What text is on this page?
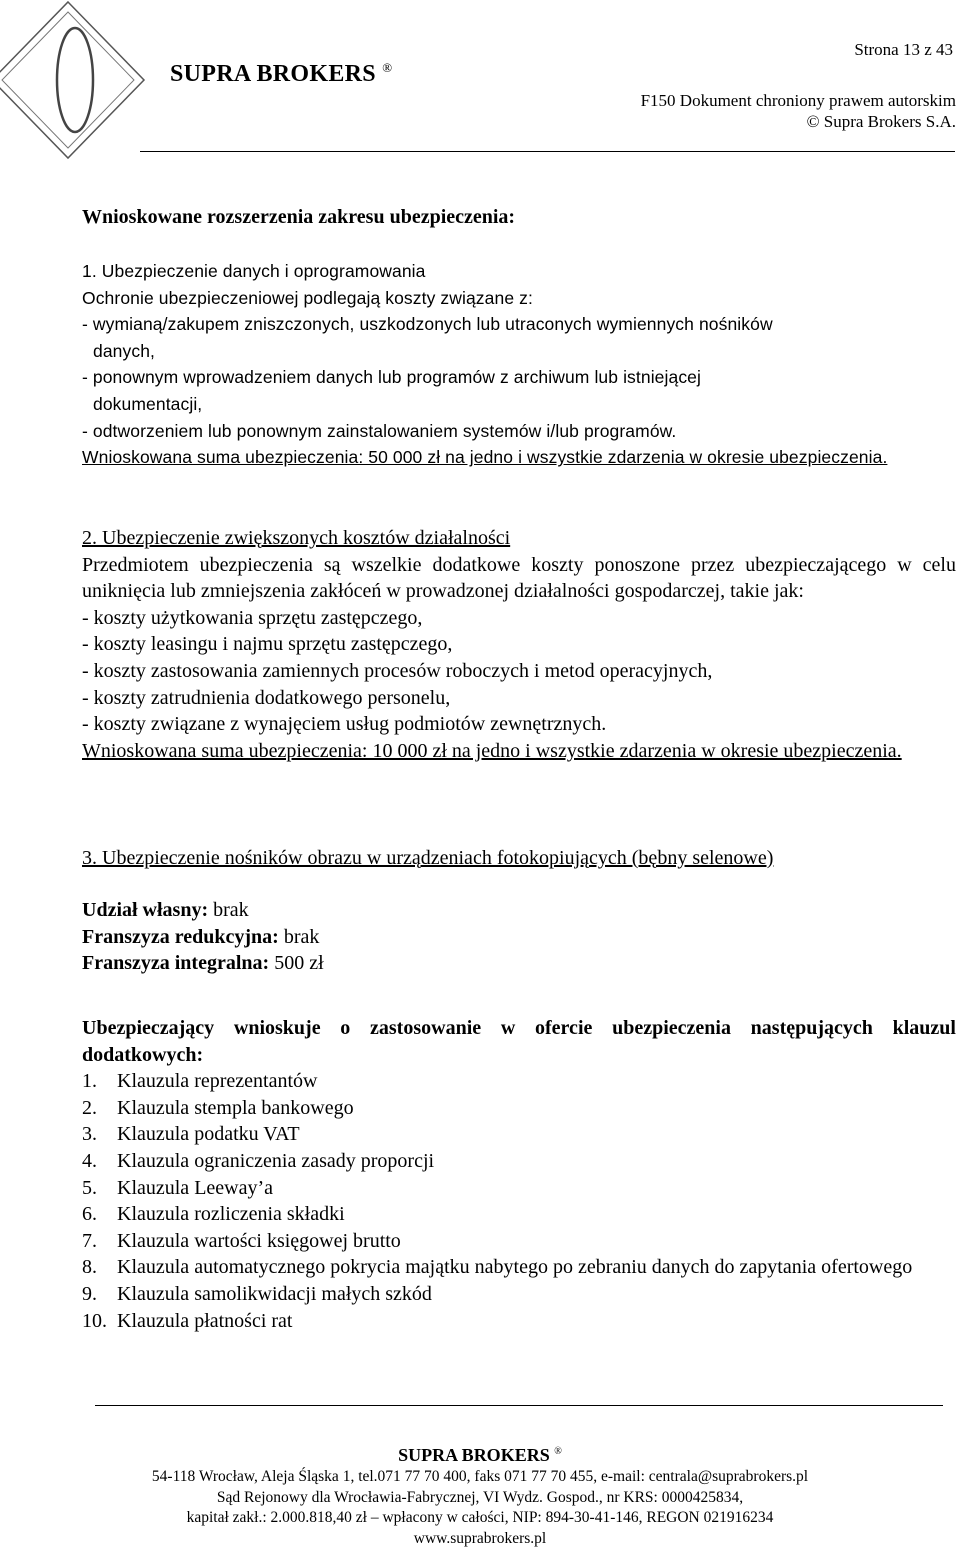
SUPRA BROKERS ®
Strona 13 z 43
F150 Dokument chroniony prawem autorskim
© Supra Brokers S.A.
Wnioskowane rozszerzenia zakresu ubezpieczenia:

1. Ubezpieczenie danych i oprogramowania

Ochronie ubezpieczeniowej podlegają koszty związane z:

- wymianą/zakupem zniszczonych, uszkodzonych lub utraconych wymiennych nośników

danych,

- ponownym wprowadzeniem danych lub programów z archiwum lub istniejącej

dokumentacji,

- odtworzeniem lub ponownym zainstalowaniem systemów i/lub programów.

Wnioskowana suma ubezpieczenia: 50 000 zł na jedno i wszystkie zdarzenia w okresie ubezpieczenia.

2. Ubezpieczenie zwiększonych kosztów działalności

Przedmiotem ubezpieczenia są wszelkie dodatkowe koszty ponoszone przez ubezpieczającego w celu uniknięcia lub zmniejszenia zakłóceń w prowadzonej działalności gospodarczej, takie jak:

- koszty użytkowania sprzętu zastępczego,

- koszty leasingu i najmu sprzętu zastępczego,

- koszty zastosowania zamiennych procesów roboczych i metod operacyjnych,

- koszty zatrudnienia dodatkowego personelu,

- koszty związane z wynajęciem usług podmiotów zewnętrznych.

Wnioskowana suma ubezpieczenia: 10 000 zł na jedno i wszystkie zdarzenia w okresie ubezpieczenia.

3. Ubezpieczenie nośników obrazu w urządzeniach fotokopiujących (bębny selenowe)

Udział własny: brak

Franszyza redukcyjna: brak

Franszyza integralna: 500 zł

Ubezpieczający wnioskuje o zastosowanie w ofercie ubezpieczenia następujących klauzul dodatkowych:

1.	Klauzula reprezentantów
2.	Klauzula stempla bankowego
3.	Klauzula podatku VAT
4.	Klauzula ograniczenia zasady proporcji
5.	Klauzula Leeway’a
6.	Klauzula rozliczenia składki
7.	Klauzula wartości księgowej brutto
8.	Klauzula automatycznego pokrycia majątku nabytego po zebraniu danych do zapytania ofertowego
9.	Klauzula samolikwidacji małych szkód
10. Klauzula płatności rat
SUPRA BROKERS ®
54-118 Wrocław, Aleja Śląska 1, tel.071 77 70 400, faks 071 77 70 455, e-mail: centrala@suprabrokers.pl
Sąd Rejonowy dla Wrocławia-Fabrycznej, VI Wydz. Gospod., nr KRS: 0000425834,
kapitał zakł.: 2.000.818,40 zł – wpłacony w całości, NIP: 894-30-41-146, REGON 021916234
www.suprabrokers.pl
